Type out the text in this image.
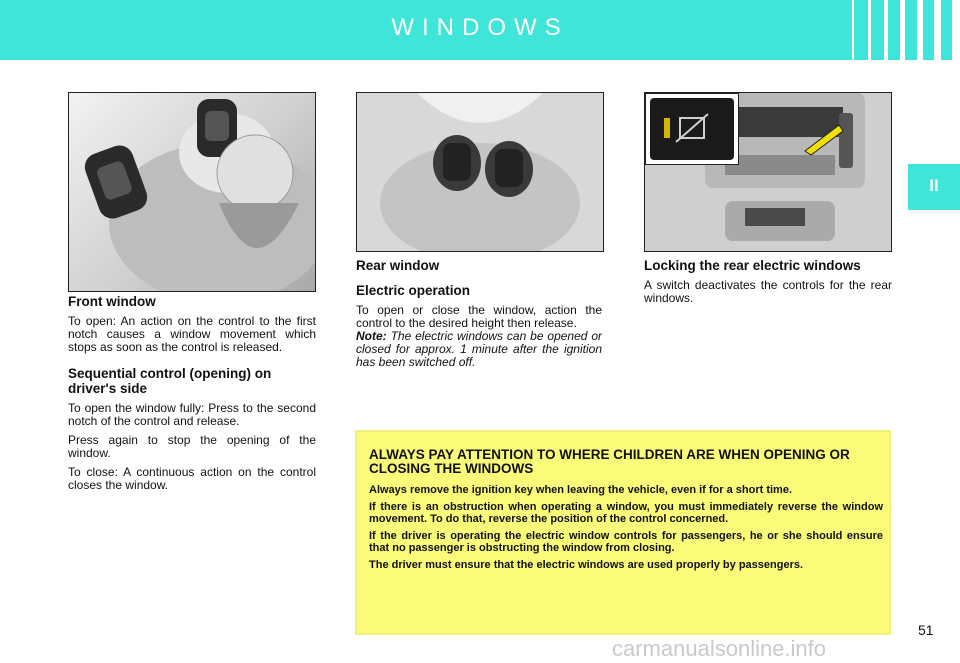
WINDOWS
II
Front window

To open: An action on the control to the first notch causes a window movement which stops as soon as the control is released.

Sequential control (opening) on driver's side

To open the window fully: Press to the second notch of the control and release.

Press again to stop the opening of the window.

To close: A continuous action on the control closes the window.

Rear window
Electric operation

To open or close the window, action the control to the desired height then release.

Note: The electric windows can be opened or closed for approx. 1 minute after the ignition has been switched off.

Locking the rear electric windows

A switch deactivates the controls for the rear windows.

ALWAYS PAY ATTENTION TO WHERE CHILDREN ARE WHEN OPENING OR CLOSING THE WINDOWS

Always remove the ignition key when leaving the vehicle, even if for a short time.

If there is an obstruction when operating a window, you must immediately reverse the window movement. To do that, reverse the position of the control concerned.

If the driver is operating the electric window controls for passengers, he or she should ensure that no passenger is obstructing the window from closing.

The driver must ensure that the electric windows are used properly by passengers.

51
carmanualsonline.info
